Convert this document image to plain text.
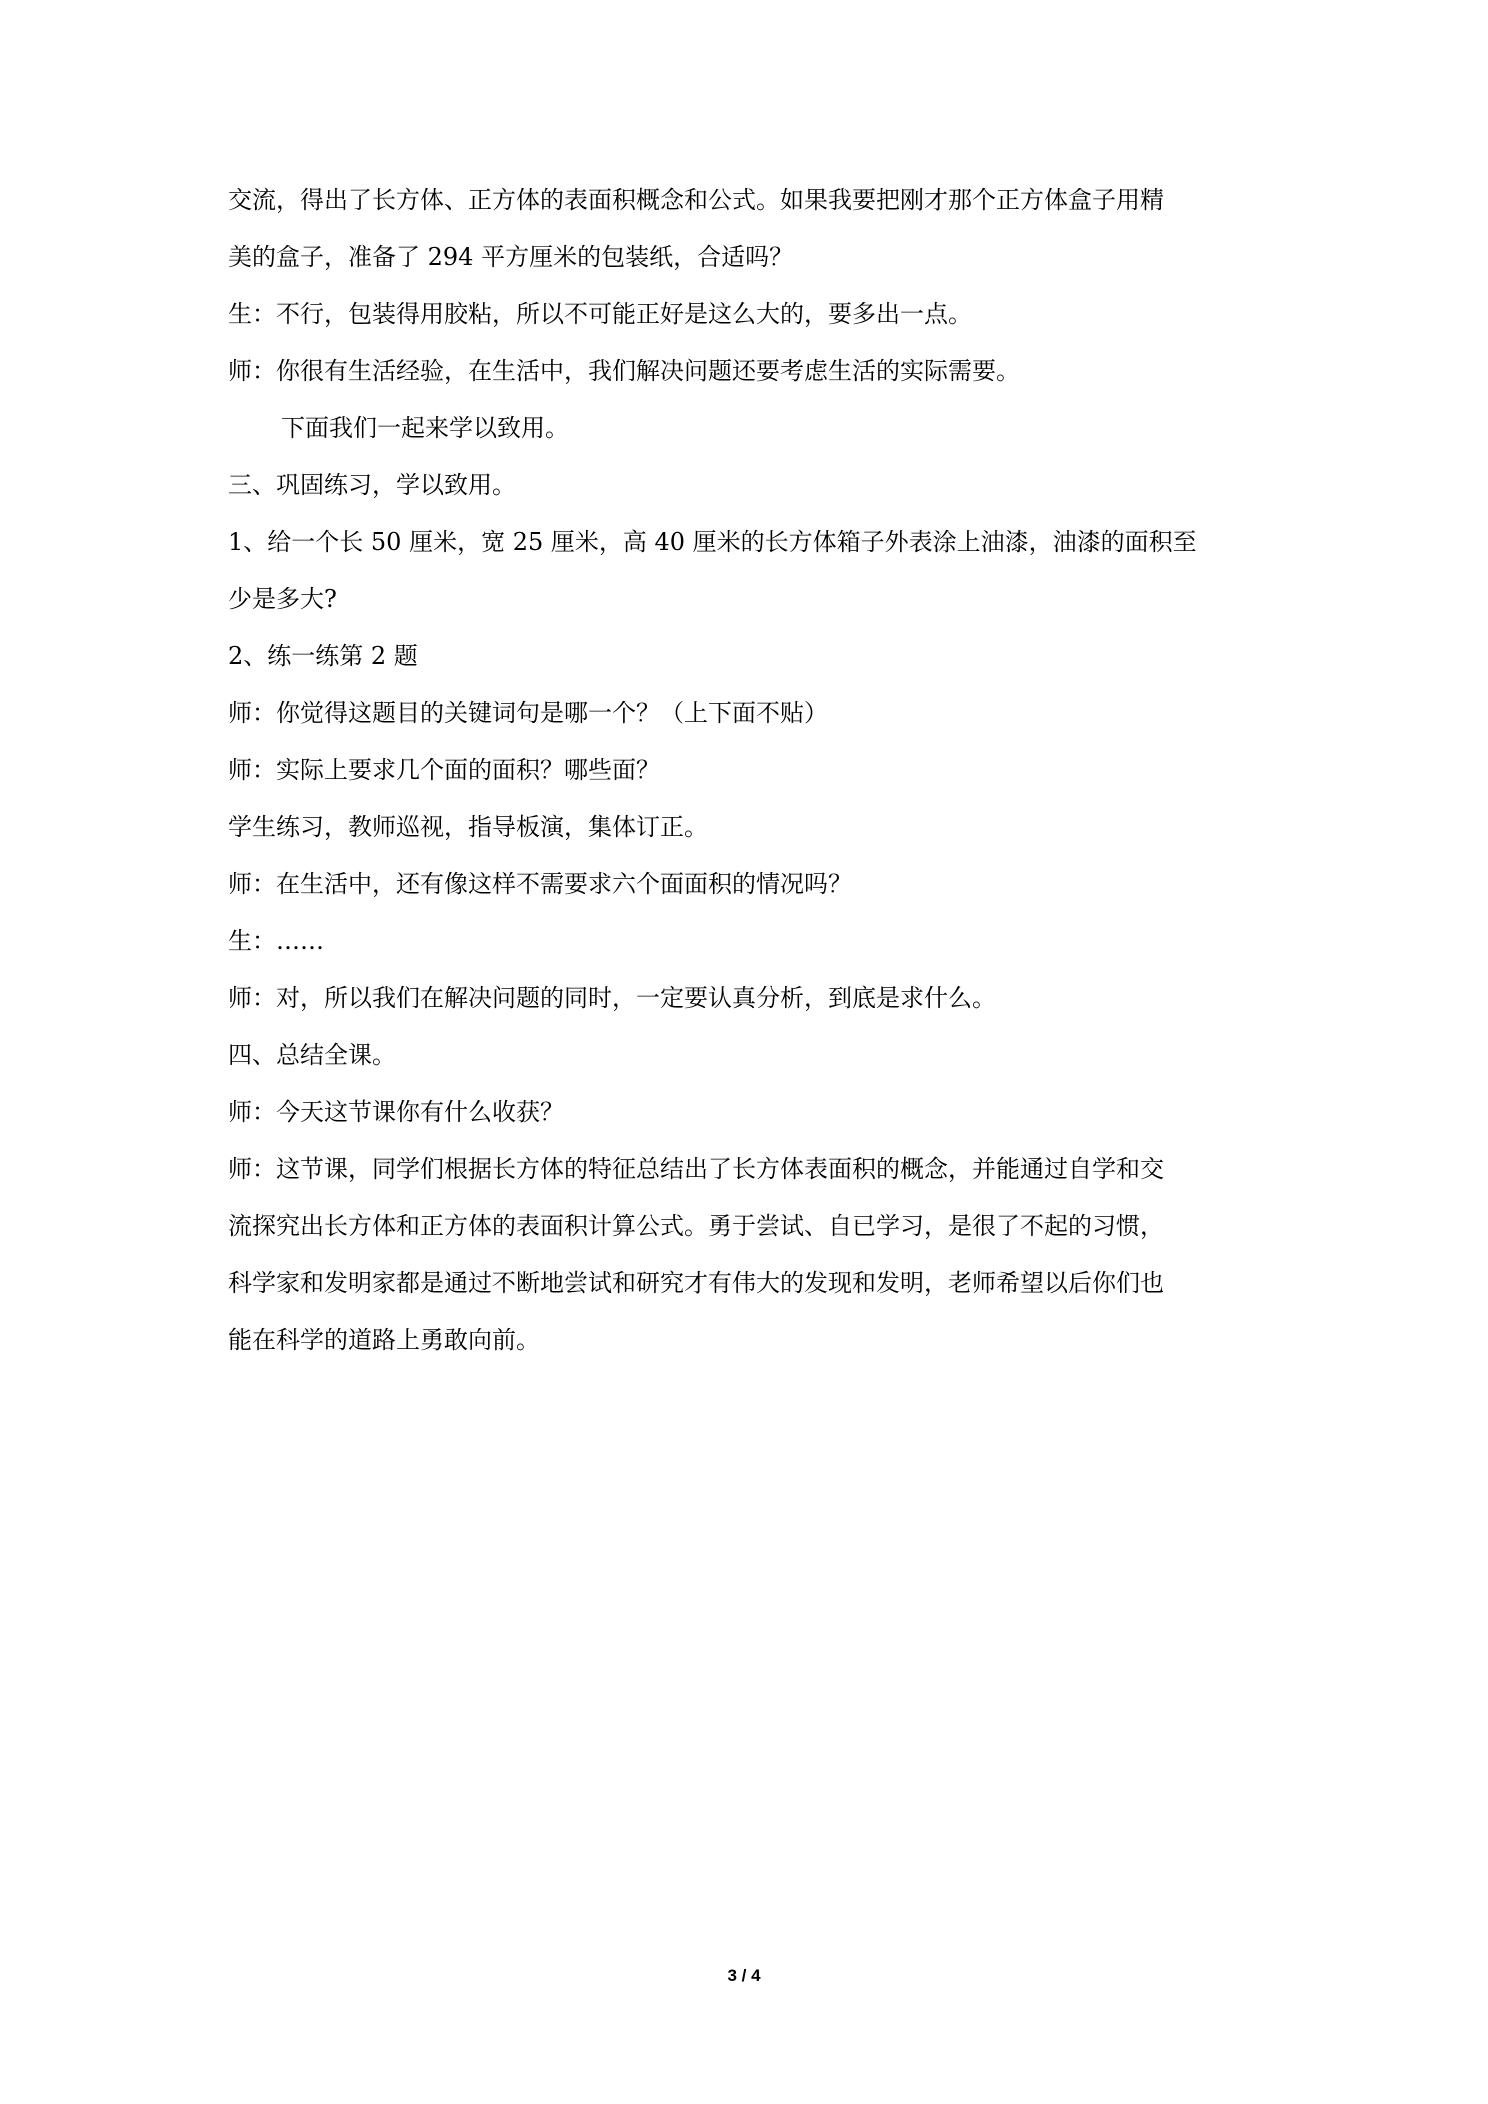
交流，得出了长方体、正方体的表面积概念和公式。如果我要把刚才那个正方体盒子用精
美的盒子，准备了 294 平方厘米的包装纸，合适吗？
生：不行，包装得用胶粘，所以不可能正好是这么大的，要多出一点。
师：你很有生活经验，在生活中，我们解决问题还要考虑生活的实际需要。
下面我们一起来学以致用。
三、巩固练习，学以致用。
1、给一个长 50 厘米，宽 25 厘米，高 40 厘米的长方体箱子外表涂上油漆，油漆的面积至
少是多大?
2、练一练第 2 题
师：你觉得这题目的关键词句是哪一个？（上下面不贴）
师：实际上要求几个面的面积？哪些面？
学生练习，教师巡视，指导板演，集体订正。
师：在生活中，还有像这样不需要求六个面面积的情况吗？
生：……
师：对，所以我们在解决问题的同时，一定要认真分析，到底是求什么。
四、总结全课。
师：今天这节课你有什么收获？
师：这节课，同学们根据长方体的特征总结出了长方体表面积的概念，并能通过自学和交
流探究出长方体和正方体的表面积计算公式。勇于尝试、自已学习，是很了不起的习惯，
科学家和发明家都是通过不断地尝试和研究才有伟大的发现和发明，老师希望以后你们也
能在科学的道路上勇敢向前。
3 / 4
